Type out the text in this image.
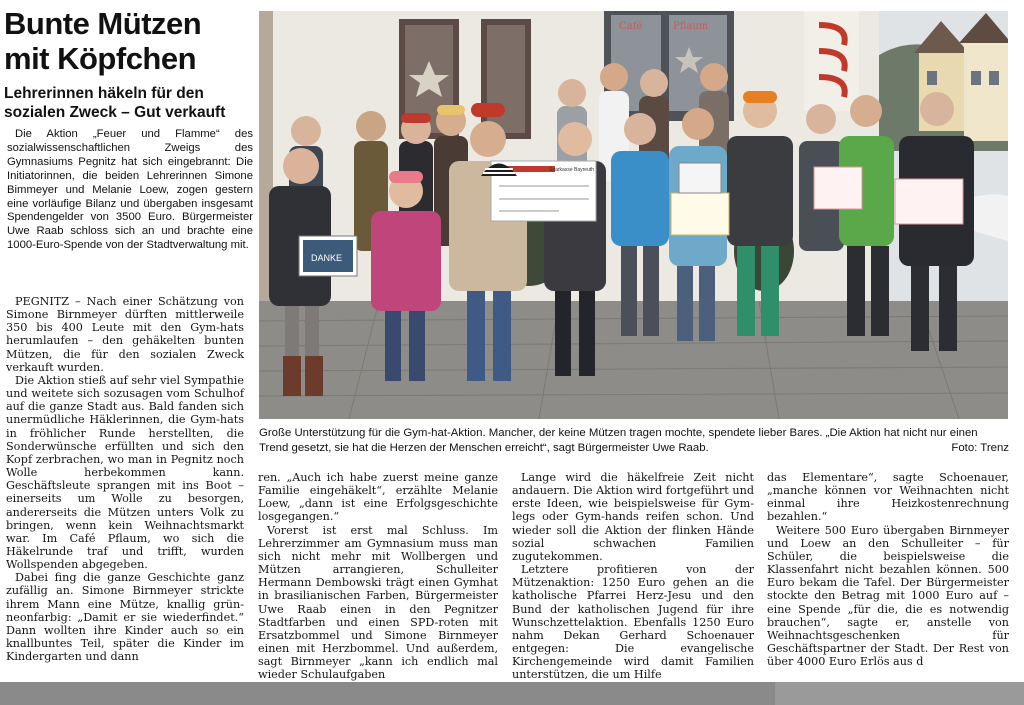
Bunte Mützen
mit Köpfchen
Lehrerinnen häkeln für den
sozialen Zweck – Gut verkauft

Die Aktion „Feuer und Flamme“ des sozialwissenschaftlichen Zweigs des Gymnasiums Pegnitz hat sich eingebrannt: Die Initiatorinnen, die beiden Lehrerinnen Simone Bimmeyer und Melanie Loew, zogen gestern eine vorläufige Bilanz und übergaben insgesamt Spendengelder von 3500 Euro. Bürgermeister Uwe Raab schloss sich an und brachte eine 1000-Euro-Spende von der Stadtverwaltung mit.

Café	Pflaum
Sparkasse Bayreuth
DANKE

Große Unterstützung für die Gym-hat-Aktion. Mancher, der keine Mützen tragen mochte, spendete lieber Bares. „Die Aktion hat nicht nur einen Trend gesetzt, sie hat die Herzen der Menschen erreicht“, sagt Bürgermeister Uwe Raab.	Foto: Trenz

PEGNITZ – Nach einer Schätzung von Simone Birnmeyer dürften mittlerweile 350 bis 400 Leute mit den Gym-hats herumlaufen – den gehäkelten bunten Mützen, die für den sozialen Zweck verkauft wurden.

Die Aktion stieß auf sehr viel Sympathie und weitete sich sozusagen vom Schulhof auf die ganze Stadt aus. Bald fanden sich unermüdliche Häklerinnen, die Gym-hats in fröhlicher Runde herstellten, die Sonderwünsche erfüllten und sich den Kopf zerbrachen, wo man in Pegnitz noch Wolle herbekommen kann. Geschäftsleute sprangen mit ins Boot – einerseits um Wolle zu besorgen, andererseits die Mützen unters Volk zu bringen, wenn kein Weihnachtsmarkt war. Im Café Pflaum, wo sich die Häkelrunde traf und trifft, wurden Wollspenden abgegeben.

Dabei fing die ganze Geschichte ganz zufällig an. Simone Birnmeyer strickte ihrem Mann eine Mütze, knallig grün-neonfarbig: „Damit er sie wiederfindet.“ Dann wollten ihre Kinder auch so ein knallbuntes Teil, später die Kinder im Kindergarten und dann

ren. „Auch ich habe zuerst meine ganze Familie eingehäkelt“, erzählte Melanie Loew, „dann ist eine Erfolgsgeschichte losgegangen.“

Vorerst ist erst mal Schluss. Im Lehrerzimmer am Gymnasium muss man sich nicht mehr mit Wollbergen und Mützen arrangieren, Schulleiter Hermann Dembowski trägt einen Gymhat in brasilianischen Farben, Bürgermeister Uwe Raab einen in den Pegnitzer Stadtfarben und einen SPD-roten mit Ersatzbommel und Simone Birnmeyer einen mit Herzbommel. Und außerdem, sagt Birnmeyer „kann ich endlich mal wieder Schulaufgaben

Lange wird die häkelfreie Zeit nicht andauern. Die Aktion wird fortgeführt und erste Ideen, wie beispielsweise für Gym-legs oder Gym-hands reifen schon. Und wieder soll die Aktion der flinken Hände sozial schwachen Familien zugutekommen.

Letztere profitieren von der Mützenaktion: 1250 Euro gehen an die katholische Pfarrei Herz-Jesu und den Bund der katholischen Jugend für ihre Wunschzettelaktion. Ebenfalls 1250 Euro nahm Dekan Gerhard Schoenauer entgegen: Die evangelische Kirchengemeinde wird damit Familien unterstützen, die um Hilfe

das Elementare“, sagte Schoenauer, „manche können vor Weihnachten nicht einmal ihre Heizkostenrechnung bezahlen.“

Weitere 500 Euro übergaben Birnmeyer und Loew an den Schulleiter – für Schüler, die beispielsweise die Klassenfahrt nicht bezahlen können. 500 Euro bekam die Tafel. Der Bürgermeister stockte den Betrag mit 1000 Euro auf – eine Spende „für die, die es notwendig brauchen“, sagte er, anstelle von Weihnachtsgeschenken für Geschäftspartner der Stadt. Der Rest von über 4000 Euro Erlös aus d
